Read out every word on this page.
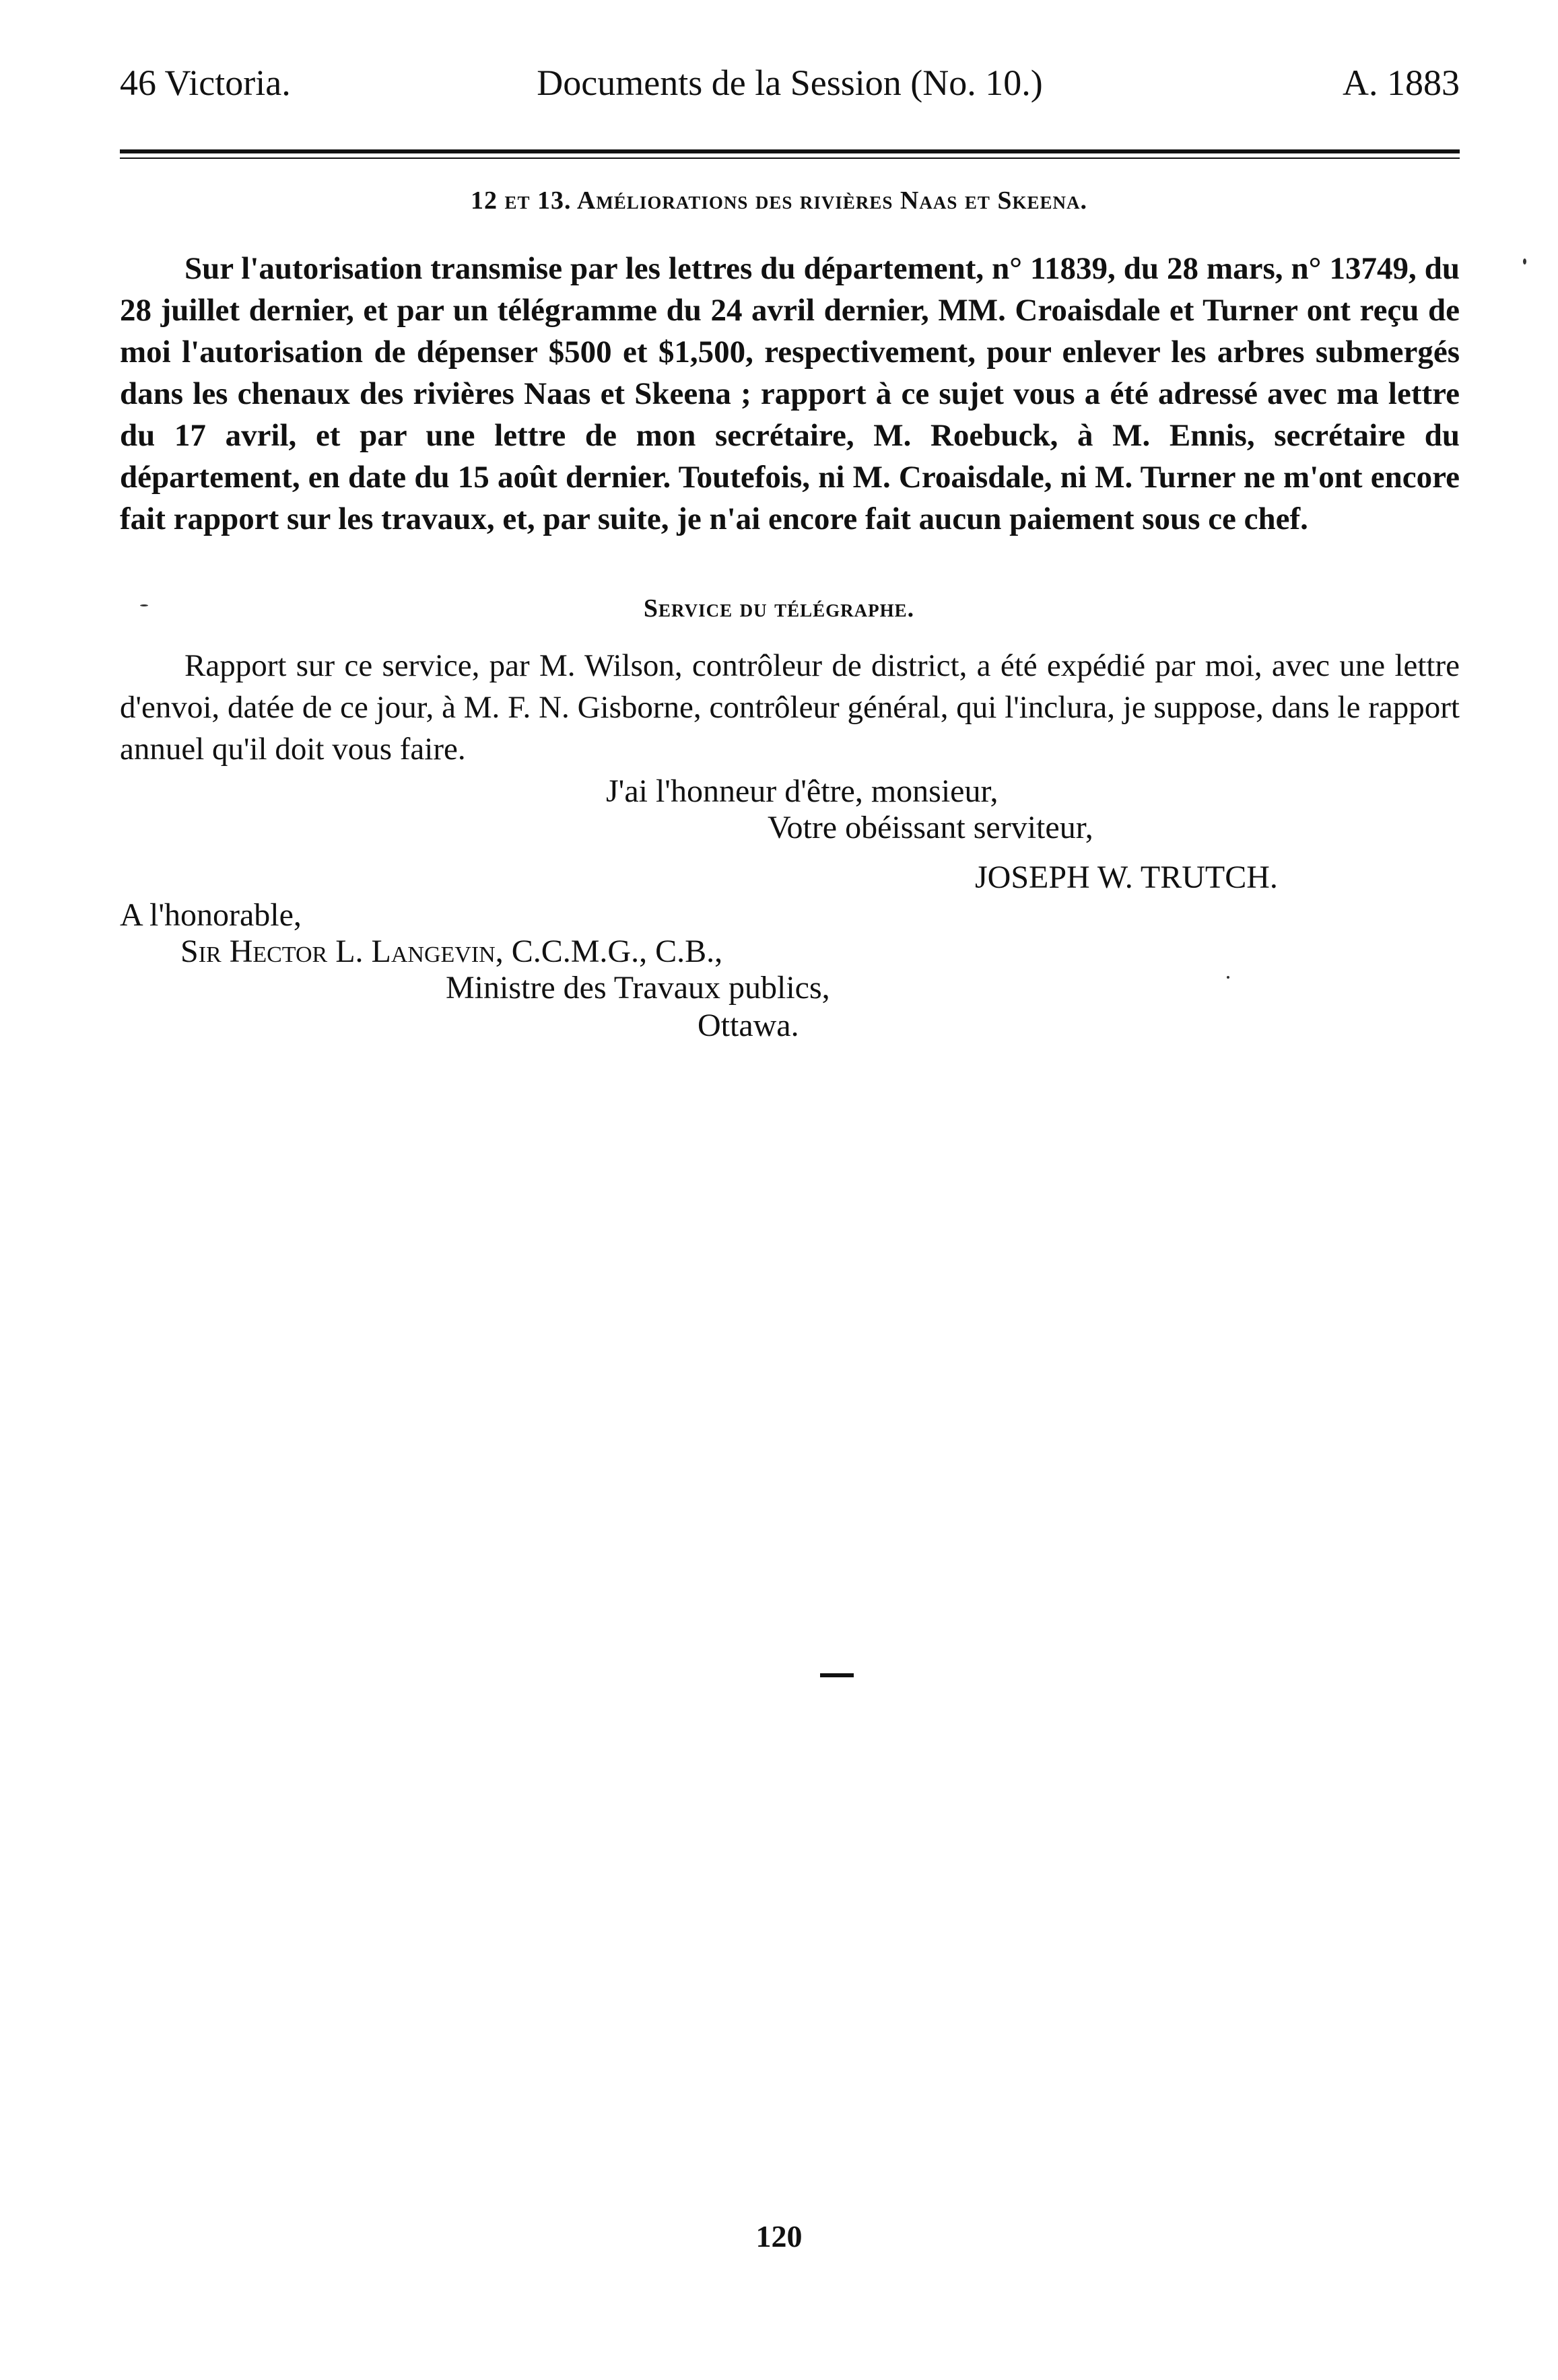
46 Victoria.	Documents de la Session (No. 10.)	A. 1883
12 et 13. Améliorations des rivières Naas et Skeena.
Sur l'autorisation transmise par les lettres du département, n° 11839, du 28 mars, n° 13749, du 28 juillet dernier, et par un télégramme du 24 avril dernier, MM. Croaisdale et Turner ont reçu de moi l'autorisation de dépenser $500 et $1,500, respectivement, pour enlever les arbres submergés dans les chenaux des rivières Naas et Skeena ; rapport à ce sujet vous a été adressé avec ma lettre du 17 avril, et par une lettre de mon secrétaire, M. Roebuck, à M. Ennis, secrétaire du département, en date du 15 août dernier. Toutefois, ni M. Croaisdale, ni M. Turner ne m'ont encore fait rapport sur les travaux, et, par suite, je n'ai encore fait aucun paiement sous ce chef.
Service du télégraphe.
Rapport sur ce service, par M. Wilson, contrôleur de district, a été expédié par moi, avec une lettre d'envoi, datée de ce jour, à M. F. N. Gisborne, contrôleur général, qui l'inclura, je suppose, dans le rapport annuel qu'il doit vous faire.
J'ai l'honneur d'être, monsieur,
Votre obéissant serviteur,
JOSEPH W. TRUTCH.
A l'honorable,
Sir Hector L. Langevin, C.C.M.G., C.B.,
Ministre des Travaux publics,
Ottawa.
120
